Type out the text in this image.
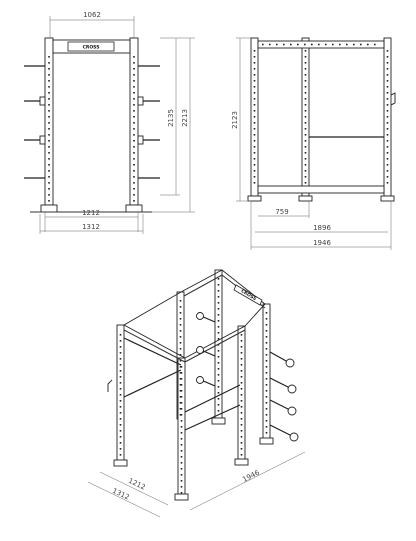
1062
CROSS
2135 2213
1212
1312
2123
759
1896
1946
CROSS
1212
1312
1946
